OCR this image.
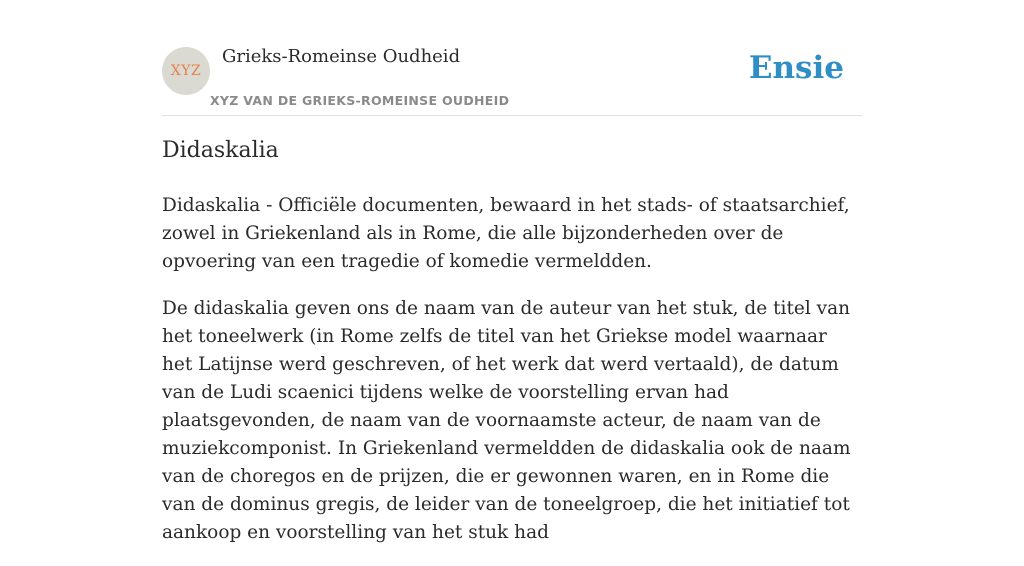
XYZ
Grieks-Romeinse Oudheid
XYZ VAN DE GRIEKS-ROMEINSE OUDHEID
Ensie
Didaskalia

Didaskalia - Officiële documenten, bewaard in het stads- of staatsarchief, zowel in Griekenland als in Rome, die alle bijzonderheden over de opvoering van een tragedie of komedie vermeldden.

De didaskalia geven ons de naam van de auteur van het stuk, de titel van het toneelwerk (in Rome zelfs de titel van het Griekse model waarnaar het Latijnse werd geschreven, of het werk dat werd vertaald), de datum van de Ludi scaenici tijdens welke de voorstelling ervan had plaatsgevonden, de naam van de voornaamste acteur, de naam van de muziekcomponist. In Griekenland vermeldden de didaskalia ook de naam van de choregos en de prijzen, die er gewonnen waren, en in Rome die van de dominus gregis, de leider van de toneelgroep, die het initiatief tot aankoop en voorstelling van het stuk had
